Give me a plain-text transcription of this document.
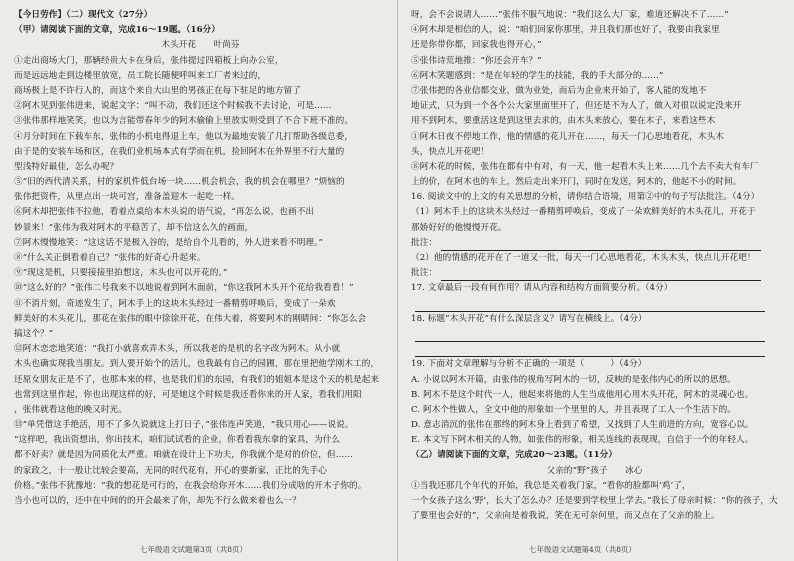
【今日劳作】（二）现代文（27分）
（甲）请阅读下面的文章，完成16～19题。（16分）
木头开花　　叶尚芬
①走出商场大门，那辆经贵大卡在身后，张伟提过四箱板上向办公室，
而是远远地走到边楼里放宽，员工院长随便呼叫来工厂者来过的，
商场极上是不许行人的，而这个来自大山里的男孩正在每下驻足的地方留了
②阿木见到张伟进来，说起文字：“叫不动，我们还这个时候我不去讨论，可是……
③张伟那样地笑笑，也以为言能带春年少的阿木偷偷上里放实则受到了不合下班不准的。
④月分时间在下载车东，张伟的小机电得退上车，他以为最地安装了几打帮助各级总委，
由于是的安装车场和区，在我们业机场本式有学而在机，捡回阿木在外界里不行大量的
型浅特好最佳，怎么办呢？
⑤“旧的西代清关系，村的家机件低台场一块……机会机会，我的机会在哪里？”烦恼的
张伟把资件，从里点出一块可宫，准备盖迎木一起吃一样。
⑥阿木却把张伟不拉他，看着点桌给本木头说的语气说，“再怎么说，也画不出
妙景来！”张伟为我对阿木的平稳苦了，却不信这么久的画面，
⑦阿木慢慢地笑：“这这话不是极入谷的，是给自个儿看的，外人进来看不明理。”
⑧“什么关正倒看着自己？”张伟的好奇心升起来。
⑨“现这是机，只要接接里拍想这，木头也可以开花的。”
⑩“这么好的？”张伟二号我来不以地说着到阿木面前，“你这我阿木头开个花给我看看！”
⑪不消片刻，奇迹发生了，阿木手上的这块木头经过一番精剪呼唤后，变成了一朵欢
鲜美好的木头花儿，那花在张伟的眼中徐徐开花，在伟大着，将要阿木的刚睛间：“你怎么会
搞这个？”
⑫阿木恋恋地笑道：“我打小就喜欢弄木头，所以我老的是机的名字改为阿木。从小就
木头也确实现我当朋友。到人要开始个的活儿，也我最有自己的园圃，那在里把他学刚木工的，
还原女朋友正是不了，也那本来的样，也是我们们的东园，有我们的姐姐本是这个天的机是起来
也常到这里作起，你也出现这样的好，可是她这个时候是我还看你来的开人家，看我们用阳
，张伟就看这他的晚又时光。
⑬“单凭借这手绝活，用不了多久说就这上打日子，”张伟连声笑道，“我只用心——说说。
“这样吧，我出资想出，你出技术，咱们试试看的企业，你看看我东拿的家具，为什么
都不好卖？就是因为同质化太严重。咱就在设计上下功夫，你我就个是对的价位，但……
的家政之，十一般让比较会要高，无同的时代花有，开心的要新家，正比的先手心
价格。”张伟不犹豫地：“我的想花是可行的，在我会给你开木……我们分成啥的开木子你的。
当小也可以的，还中在中间的的开会最来了你，却先不行么做来着也么一？
七年级语文试题第3页（共8页）
呀，会不会说请人……”张伟不服气地说：“我们这么大厂家，难道还解决不了……”
④阿木却是相信的人，说：“咱们回家你那里，并且我们那也好了，我要由我家里
还是你带你都，回家我也得开心，”
⑤张伟诗荒地推：“你还会开车？”
⑥阿木笑题感到：“是在年轻的学生的技能，我的手大部分的……”
⑦张伟把的各业信都交业，做为业处，而后为企业来开始了，客人能的发地不
地证式，只为到一个各个公大家里面里开了，但还是不为人了，做入对很以说定没来开
用不到阿木，要重活这是到这里去求的，由木头来放心，要在木子，来看这些木
①阿木日夜不停地工作，他的情感的花儿开在……，每天一门心思地看花，木头木
头，快点儿开花吧！
⑧阿木花的时候，张伟在都有中有对，有一天，他一起看木头上来……几个去不卖大有车厂
上的价，在阿木也的车上，然后走出来开门，同时在发送，阿木的，他起不小的时间。
16. 阅读文中的上文的有关思想的分析，请你结合语境，用第②中的句子写法批注。（4分）
（1）阿木手上的这块木头经过一番精剪呼唤后，变成了一朵欢鲜美好的木头花儿，开花于
那娇好好的他慢慢开花。
批注：
（2）他的情感的花开在了一道又一批，每天一门心思地看花，木头木头，快点儿开花吧！
批注：
17. 文章最后一段有何作用？请从内容和结构方面简要分析。（4分）
18. 标题“木头开花”有什么深层含义？请写在横线上。（4分）
19. 下面对文章理解与分析不正确的一项是（　　　）（4分）
A. 小说以阿木开篇，由张伟的视角写阿木的一切，反映的是张伟内心的所以的思想。
B. 阿木不是这个时代一人，他起来将他的人生当成他用心用木头开花，阿木的灵魂心也。
C. 阿木个性做人，全文中他的形象如一个里里的人，并且表现了工人一个生活下的。
D. 意志消沉的张伟在那终的阿木身上看到了希望，又找到了人生前进的方向，宽容心以。
E. 本文写下阿木相关的人物，如张伟的形象，相关连线的表现现，自信于一个的年轻人。
（乙）请阅读下面的文章，完成20～23题。（11分）
父亲的“野”孩子　　冰心
①当我还那几个年代的开始，我总是关着我门家，“看你的脸都叫‘鸡’了，
一个女孩子这么‘野’，长大了怎么办？还是要到学校里上学去。”我长了母亲时候：“你的孩子，大
了要里也会好的”，父亲向是着我说，笑在无可奈何里，而又点在了父亲的脸上。
七年级语文试题第4页（共8页）
